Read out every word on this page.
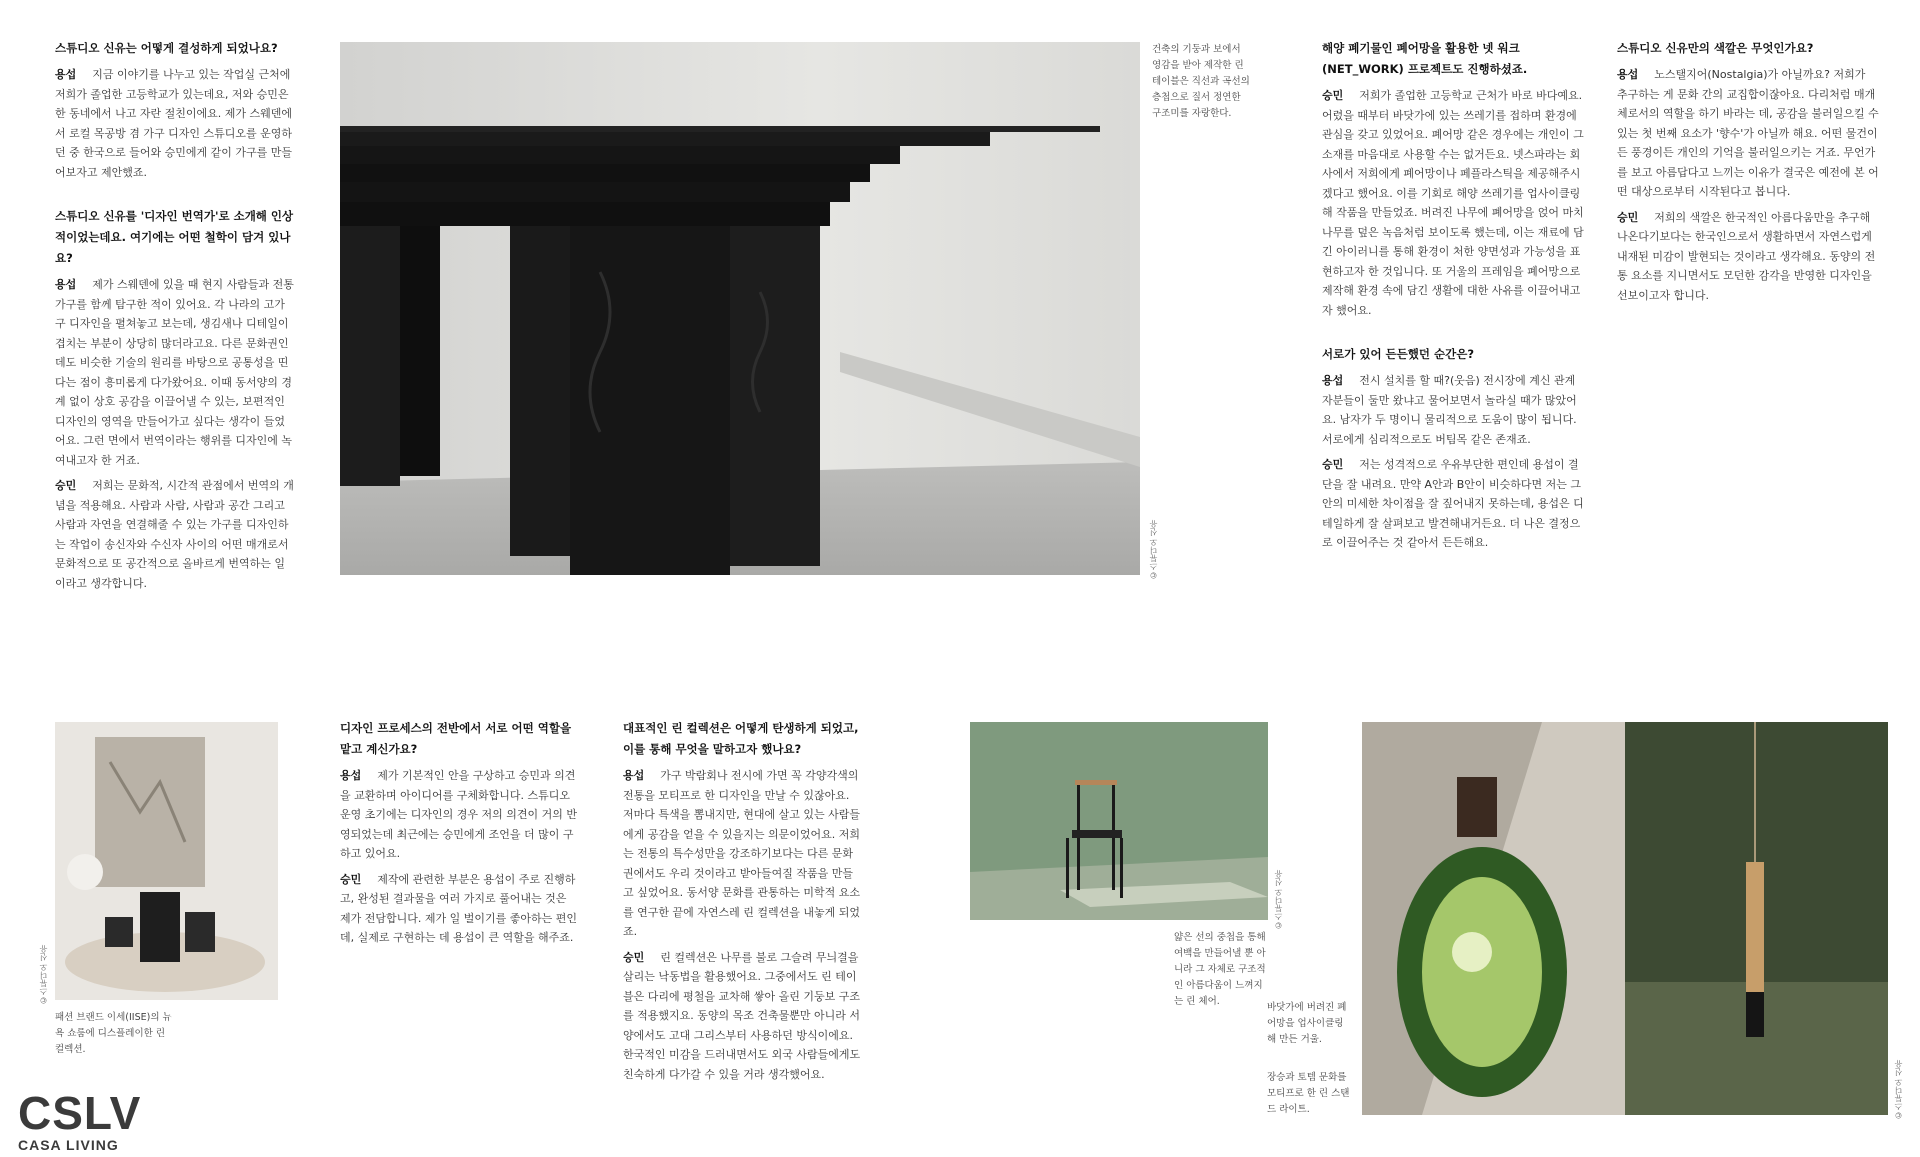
스튜디오 신유는 어떻게 결성하게 되었나요?
용섭 지금 이야기를 나누고 있는 작업실 근처에 저희가 졸업한 고등학교가 있는데요, 저와 승민은 한 동네에서 나고 자란 절친이에요. 제가 스웨덴에서 로컬 목공방 겸 가구 디자인 스튜디오를 운영하던 중 한국으로 들어와 승민에게 같이 가구를 만들어보자고 제안했죠.
스튜디오 신유를 '디자인 번역가'로 소개해 인상적이었는데요. 여기에는 어떤 철학이 담겨 있나요?
용섭 제가 스웨덴에 있을 때 현지 사람들과 전통 가구를 함께 탐구한 적이 있어요. 각 나라의 고가구 디자인을 펼쳐놓고 보는데, 생김새나 디테일이 겹치는 부분이 상당히 많더라고요. 다른 문화권인데도 비슷한 기술의 원리를 바탕으로 공통성을 띤다는 점이 흥미롭게 다가왔어요. 이때 동서양의 경계 없이 상호 공감을 이끌어낼 수 있는, 보편적인 디자인의 영역을 만들어가고 싶다는 생각이 들었어요. 그런 면에서 번역이라는 행위를 디자인에 녹여내고자 한 거죠.
승민 저희는 문화적, 시간적 관점에서 번역의 개념을 적용해요. 사람과 사람, 사람과 공간 그리고 사람과 자연을 연결해줄 수 있는 가구를 디자인하는 작업이 송신자와 수신자 사이의 어떤 매개로서 문화적으로 또 공간적으로 올바르게 번역하는 일이라고 생각합니다.
건축의 기둥과 보에서 영감을 받아 제작한 린 테이블은 직선과 곡선의 층첩으로 질서 정연한 구조미를 자랑한다.
©스튜디오 신유
해양 폐기물인 폐어망을 활용한 넷 워크(NET_WORK) 프로젝트도 진행하셨죠.
승민 저희가 졸업한 고등학교 근처가 바로 바다예요. 어렸을 때부터 바닷가에 있는 쓰레기를 접하며 환경에 관심을 갖고 있었어요. 폐어망 같은 경우에는 개인이 그 소재를 마음대로 사용할 수는 없거든요. 넷스파라는 회사에서 저희에게 폐어망이나 페플라스틱을 제공해주시겠다고 했어요. 이를 기회로 해양 쓰레기를 업사이클링해 작품을 만들었죠. 버려진 나무에 폐어망을 얹어 마치 나무를 덮은 녹음처럼 보이도록 했는데, 이는 재료에 담긴 아이러니를 통해 환경이 처한 양면성과 가능성을 표현하고자 한 것입니다. 또 거울의 프레임을 폐어망으로 제작해 환경 속에 담긴 생활에 대한 사유를 이끌어내고자 했어요.
서로가 있어 든든했던 순간은?
용섭 전시 설치를 할 때?(웃음) 전시장에 계신 관계자분들이 둘만 왔냐고 물어보면서 놀라실 때가 많았어요. 남자가 두 명이니 물리적으로 도움이 많이 됩니다. 서로에게 심리적으로도 버팀목 같은 존재죠.
승민 저는 성격적으로 우유부단한 편인데 용섭이 결단을 잘 내려요. 만약 A안과 B안이 비슷하다면 저는 그 안의 미세한 차이점을 잘 짚어내지 못하는데, 용섭은 디테일하게 잘 살펴보고 발견해내거든요. 더 나은 결정으로 이끌어주는 것 같아서 든든해요.
스튜디오 신유만의 색깔은 무엇인가요?
용섭 노스탤지어(Nostalgia)가 아닐까요? 저희가 추구하는 게 문화 간의 교집합이잖아요. 다리처럼 매개체로서의 역할을 하기 바라는 데, 공감을 불러일으킬 수 있는 첫 번째 요소가 '향수'가 아닐까 해요. 어떤 물건이든 풍경이든 개인의 기억을 불러일으키는 거죠. 무언가를 보고 아름답다고 느끼는 이유가 결국은 예전에 본 어떤 대상으로부터 시작된다고 봅니다.
승민 저희의 색깔은 한국적인 아름다움만을 추구해 나온다기보다는 한국인으로서 생활하면서 자연스럽게 내재된 미감이 발현되는 것이라고 생각해요. 동양의 전통 요소를 지니면서도 모던한 감각을 반영한 디자인을 선보이고자 합니다.
©스튜디오 신유
패션 브랜드 이세(IISE)의 뉴욕 쇼룸에 디스플레이한 린 컬렉션.
디자인 프로세스의 전반에서 서로 어떤 역할을 맡고 계신가요?
용섭 제가 기본적인 안을 구상하고 승민과 의견을 교환하며 아이디어를 구체화합니다. 스튜디오 운영 초기에는 디자인의 경우 저의 의견이 거의 반영되었는데 최근에는 승민에게 조언을 더 많이 구하고 있어요.
승민 제작에 관련한 부분은 용섭이 주로 진행하고, 완성된 결과물을 여러 가지로 풀어내는 것은 제가 전담합니다. 제가 일 벌이기를 좋아하는 편인데, 실제로 구현하는 데 용섭이 큰 역할을 해주죠.
대표적인 린 컬렉션은 어떻게 탄생하게 되었고, 이를 통해 무엇을 말하고자 했나요?
용섭 가구 박람회나 전시에 가면 꼭 각양각색의 전통을 모티프로 한 디자인을 만날 수 있잖아요. 저마다 특색을 뽐내지만, 현대에 살고 있는 사람들에게 공감을 얻을 수 있을지는 의문이었어요. 저희는 전통의 특수성만을 강조하기보다는 다른 문화권에서도 우리 것이라고 받아들여질 작품을 만들고 싶었어요. 동서양 문화를 관통하는 미학적 요소를 연구한 끝에 자연스레 린 컬렉션을 내놓게 되었죠.
승민 린 컬렉션은 나무를 불로 그슬려 무늬결을 살리는 낙동법을 활용했어요. 그중에서도 린 테이블은 다리에 평철을 교차해 쌓아 올린 기둥보 구조를 적용했지요. 동양의 목조 건축물뿐만 아니라 서양에서도 고대 그리스부터 사용하던 방식이에요. 한국적인 미감을 드러내면서도 외국 사람들에게도 친숙하게 다가갈 수 있을 거라 생각했어요.
©스튜디오 신유
얇은 선의 중첩을 통해 여백을 만들어낼 뿐 아니라 그 자체로 구조적인 아름다움이 느껴지는 린 체어.
바닷가에 버려진 폐어망을 업사이클링해 만든 거울.
장승과 토템 문화를 모티프로 한 린 스탠드 라이트.	©스튜디오 신유
CSLV
CASA LIVING
